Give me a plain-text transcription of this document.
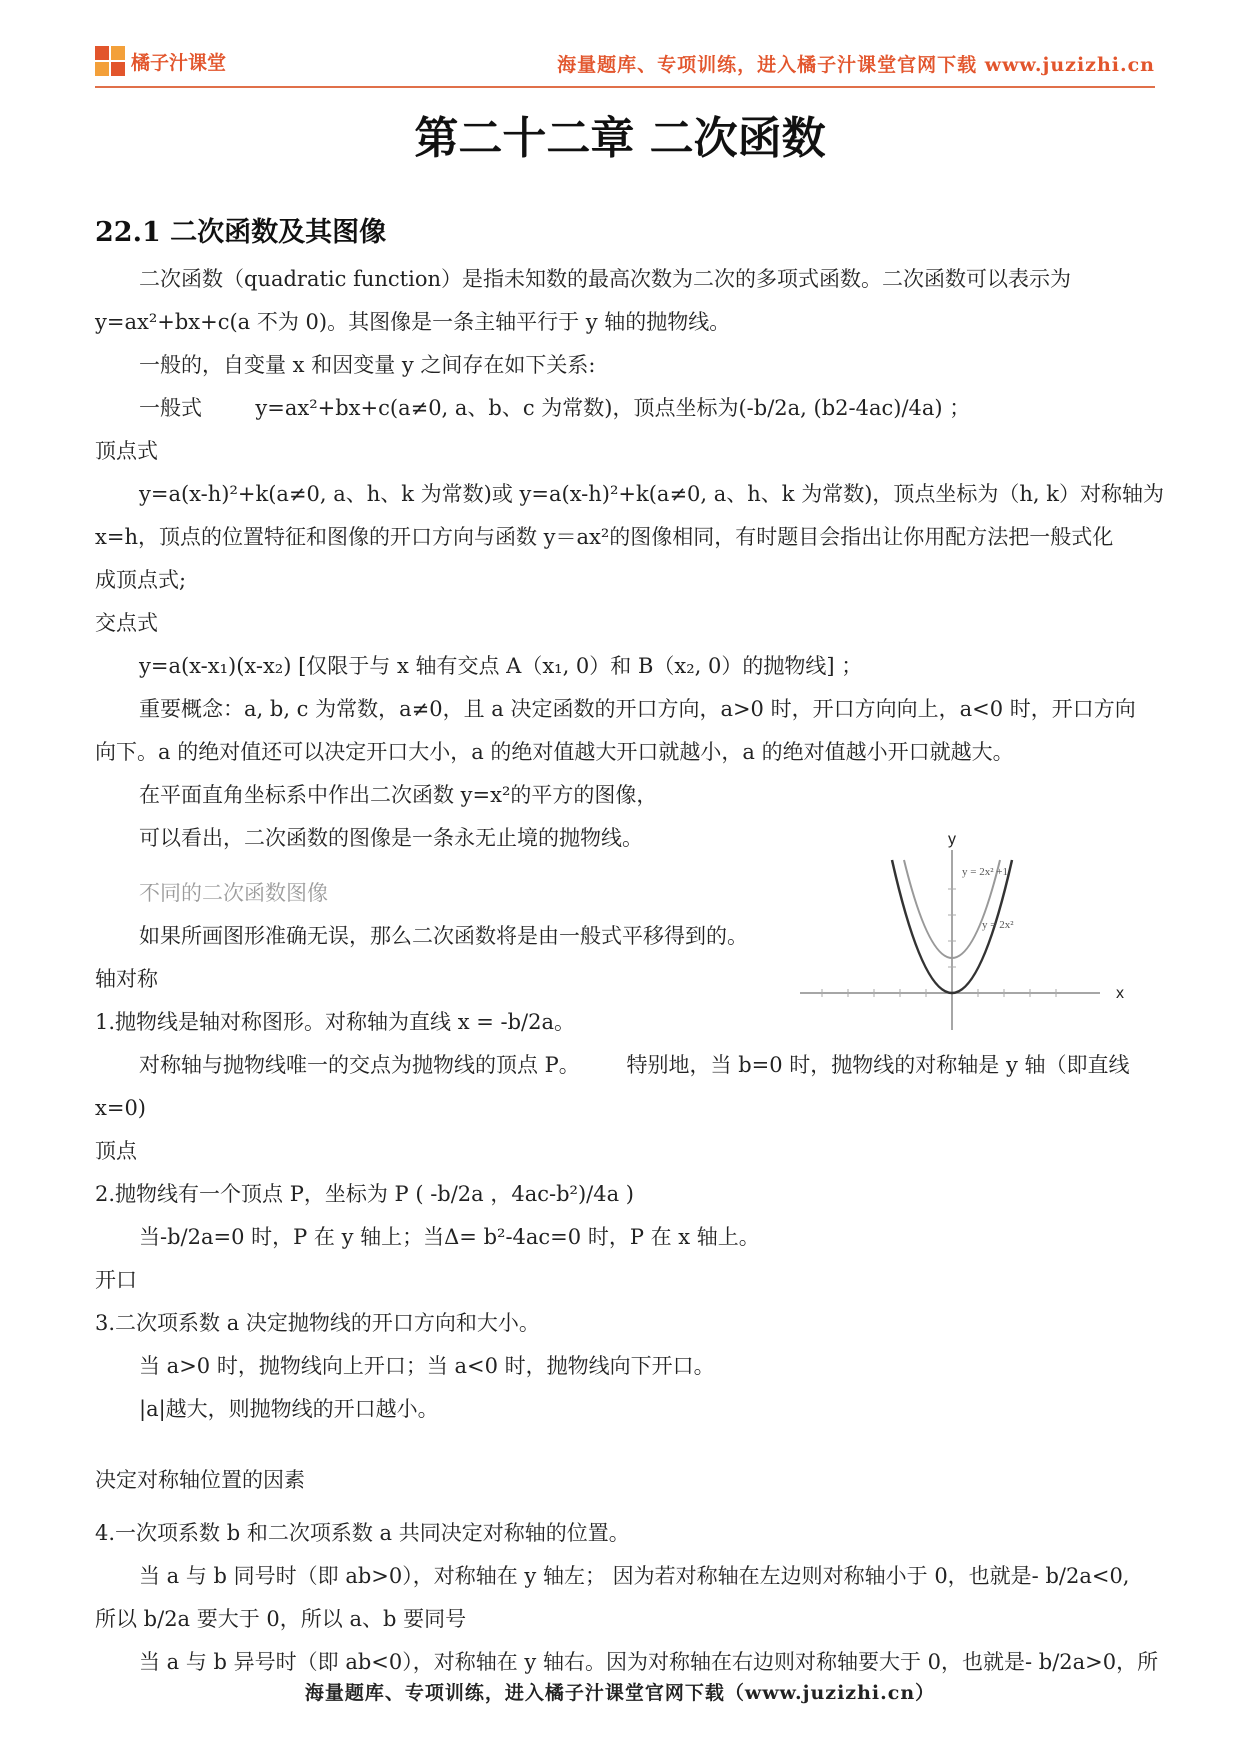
橘子汁课堂	海量题库、专项训练，进入橘子汁课堂官网下载 www.juzizhi.cn
第二十二章 二次函数
22.1 二次函数及其图像
二次函数（quadratic function）是指未知数的最高次数为二次的多项式函数。二次函数可以表示为
y=ax²+bx+c(a 不为 0)。其图像是一条主轴平行于 y 轴的抛物线。
一般的，自变量 x 和因变量 y 之间存在如下关系:
一般式        y=ax²+bx+c(a≠0, a、b、c 为常数)，顶点坐标为(-b/2a, (b2-4ac)/4a) ；
顶点式
y=a(x-h)²+k(a≠0, a、h、k 为常数)或 y=a(x-h)²+k(a≠0, a、h、k 为常数)，顶点坐标为（h, k）对称轴为
x=h，顶点的位置特征和图像的开口方向与函数 y＝ax²的图像相同，有时题目会指出让你用配方法把一般式化
成顶点式;
交点式
y=a(x-x₁)(x-x₂) [仅限于与 x 轴有交点 A（x₁, 0）和 B（x₂, 0）的抛物线] ；
重要概念：a, b, c 为常数，a≠0，且 a 决定函数的开口方向，a>0 时，开口方向向上，a<0 时，开口方向
向下。a 的绝对值还可以决定开口大小，a 的绝对值越大开口就越小，a 的绝对值越小开口就越大。
在平面直角坐标系中作出二次函数 y=x²的平方的图像，
可以看出，二次函数的图像是一条永无止境的抛物线。
不同的二次函数图像
如果所画图形准确无误，那么二次函数将是由一般式平移得到的。
轴对称
1.抛物线是轴对称图形。对称轴为直线 x = -b/2a。
对称轴与抛物线唯一的交点为抛物线的顶点 P。       特别地，当 b=0 时，抛物线的对称轴是 y 轴（即直线
x=0)
顶点
2.抛物线有一个顶点 P，坐标为 P ( -b/2a ，4ac-b²)/4a )
当-b/2a=0 时，P 在 y 轴上；当Δ= b²-4ac=0 时，P 在 x 轴上。
开口
3.二次项系数 a 决定抛物线的开口方向和大小。
当 a>0 时，抛物线向上开口；当 a<0 时，抛物线向下开口。
|a|越大，则抛物线的开口越小。
决定对称轴位置的因素
4.一次项系数 b 和二次项系数 a 共同决定对称轴的位置。
当 a 与 b 同号时（即 ab>0），对称轴在 y 轴左； 因为若对称轴在左边则对称轴小于 0，也就是- b/2a<0,
所以 b/2a 要大于 0，所以 a、b 要同号
当 a 与 b 异号时（即 ab<0），对称轴在 y 轴右。因为对称轴在右边则对称轴要大于 0，也就是- b/2a>0，所
y
x
y = 2x² +1
y = 2x²
海量题库、专项训练，进入橘子汁课堂官网下载（www.juzizhi.cn）
